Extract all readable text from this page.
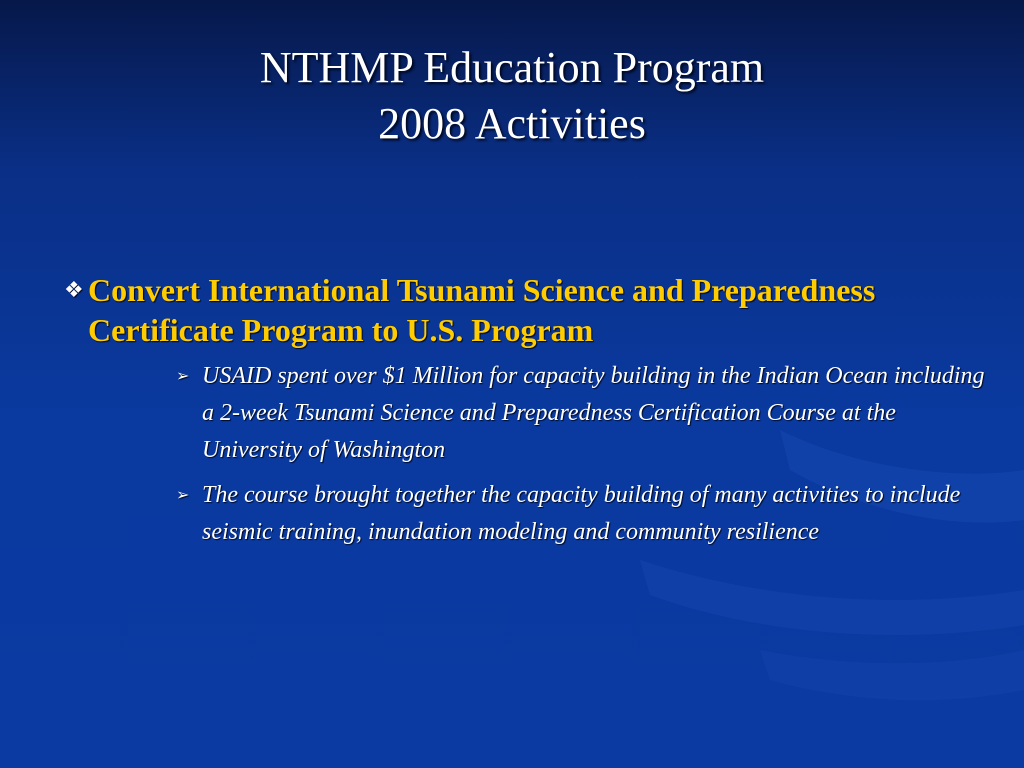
NTHMP Education Program
2008 Activities
❖ Convert International Tsunami Science and Preparedness Certificate Program to U.S. Program
➢ USAID spent over $1 Million for capacity building in the Indian Ocean including a 2-week Tsunami Science and Preparedness Certification Course at the University of Washington
➢ The course brought together the capacity building of many activities to include seismic training, inundation modeling and community resilience
